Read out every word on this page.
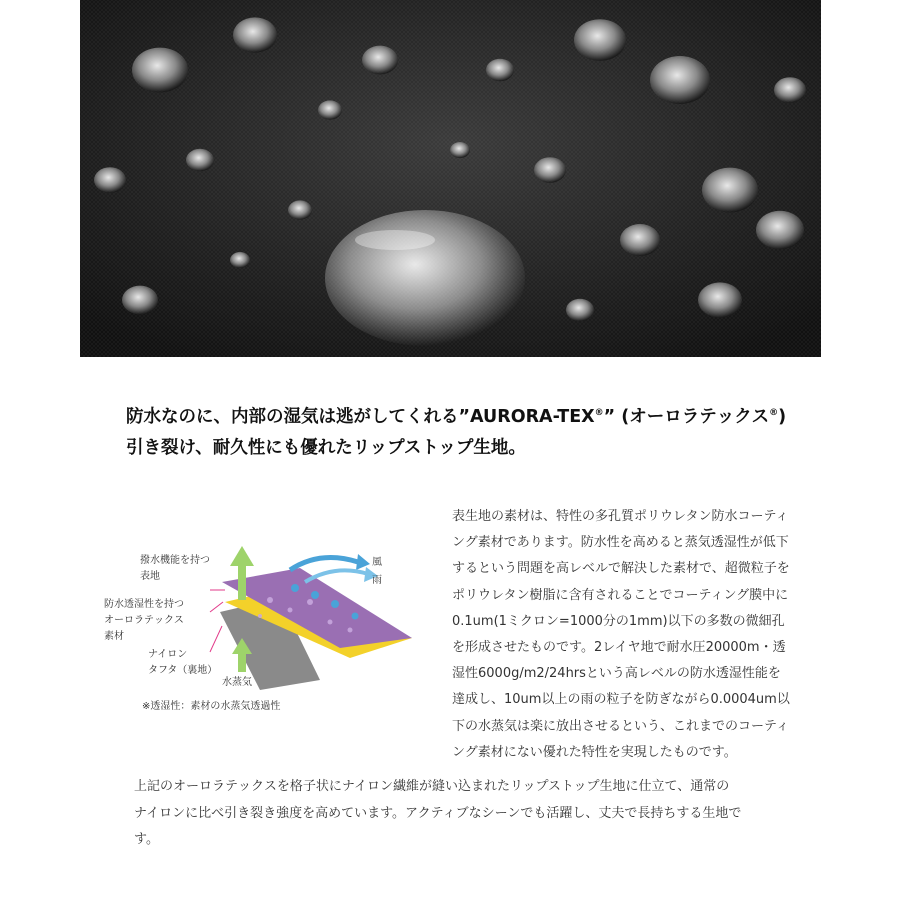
防水なのに、内部の湿気は逃がしてくれる”AURORA-TEX®” (オーロラテックス®)
引き裂け、耐久性にも優れたリップストップ生地。
撥水機能を持つ
表地
防水透湿性を持つ
オーロラテックス
素材
ナイロン
タフタ（裏地）
風
雨
水蒸気
※透湿性：素材の水蒸気透過性
表生地の素材は、特性の多孔質ポリウレタン防水コーティ
ング素材であります。防水性を高めると蒸気透湿性が低下
するという問題を高レベルで解決した素材で、超微粒子を
ポリウレタン樹脂に含有されることでコーティング膜中に
0.1um(1ミクロン=1000分の1mm)以下の多数の微細孔
を形成させたものです。2レイヤ地で耐水圧20000m・透
湿性6000g/m2/24hrsという高レベルの防水透湿性能を
達成し、10um以上の雨の粒子を防ぎながら0.0004um以
下の水蒸気は楽に放出させるという、これまでのコーティ
ング素材にない優れた特性を実現したものです。
上記のオーロラテックスを格子状にナイロン繊維が縫い込まれたリップストップ生地に仕立て、通常の
ナイロンに比べ引き裂き強度を高めています。アクティブなシーンでも活躍し、丈夫で長持ちする生地で
す。
